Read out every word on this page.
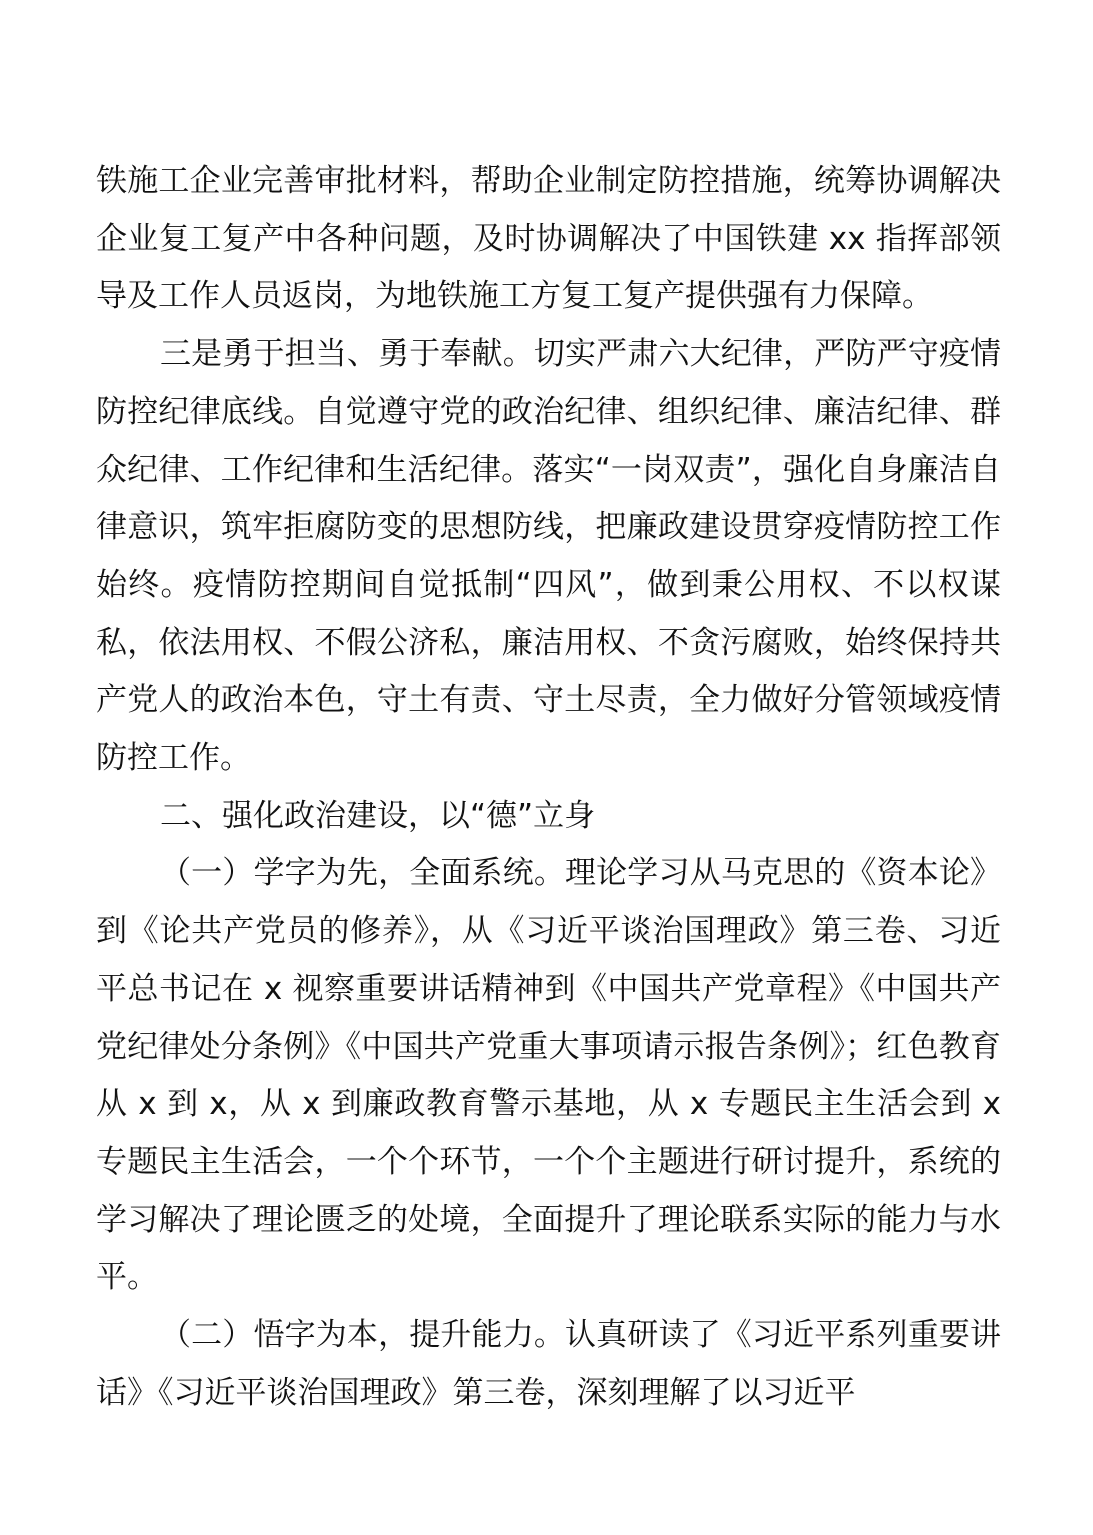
铁施工企业完善审批材料，帮助企业制定防控措施，统筹协调解决企业复工复产中各种问题，及时协调解决了中国铁建 xx 指挥部领导及工作人员返岗，为地铁施工方复工复产提供强有力保障。

三是勇于担当、勇于奉献。切实严肃六大纪律，严防严守疫情防控纪律底线。自觉遵守党的政治纪律、组织纪律、廉洁纪律、群众纪律、工作纪律和生活纪律。落实“一岗双责”，强化自身廉洁自律意识，筑牢拒腐防变的思想防线，把廉政建设贯穿疫情防控工作始终。疫情防控期间自觉抵制“四风”，做到秉公用权、不以权谋私，依法用权、不假公济私，廉洁用权、不贪污腐败，始终保持共产党人的政治本色，守土有责、守土尽责，全力做好分管领域疫情防控工作。

二、强化政治建设，以“德”立身

（一）学字为先，全面系统。理论学习从马克思的《资本论》到《论共产党员的修养》，从《习近平谈治国理政》第三卷、习近平总书记在 x 视察重要讲话精神到《中国共产党章程》《中国共产党纪律处分条例》《中国共产党重大事项请示报告条例》；红色教育从 x 到 x，从 x 到廉政教育警示基地，从 x 专题民主生活会到 x 专题民主生活会，一个个环节，一个个主题进行研讨提升，系统的学习解决了理论匮乏的处境，全面提升了理论联系实际的能力与水平。

（二）悟字为本，提升能力。认真研读了《习近平系列重要讲话》《习近平谈治国理政》第三卷，深刻理解了以习近平
